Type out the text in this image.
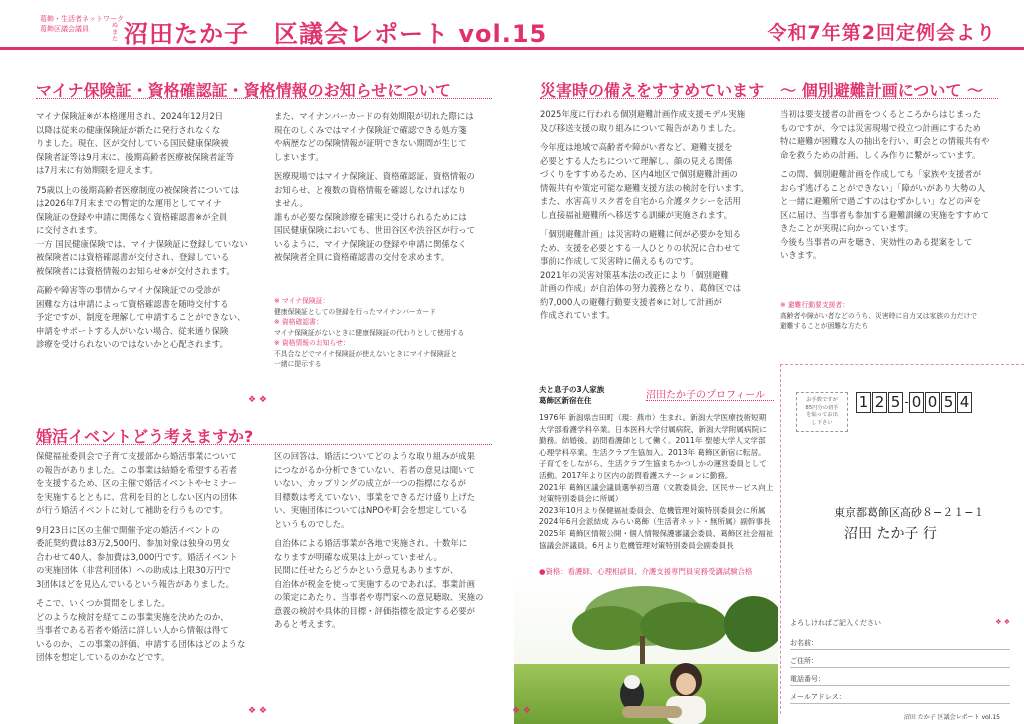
葛飾・生活者ネットワーク
葛飾区議会議員	ぬまた 沼田たか子　区議会レポート vol.15	令和7年第2回定例会より
マイナ保険証・資格確認証・資格情報のお知らせについて

マイナ保険証※が本格運用され、2024年12月2日
以降は従来の健康保険証が新たに発行されなくな
りました。現在、区が交付している国民健康保険被
保険者証等は9月末に、後期高齢者医療被保険者証等
は7月末に有効期限を迎えます。

75歳以上の後期高齢者医療制度の被保険者については
は2026年7月末までの暫定的な運用としてマイナ
保険証の登録や申請に関係なく資格確認書※が全員
に交付されます。
一方 国民健康保険では、マイナ保険証に登録していない
被保険者には資格確認書が交付され、登録している
被保険者には資格情報のお知らせ※が交付されます。

高齢や障害等の事情からマイナ保険証での受診が
困難な方は申請によって資格確認書を随時交付する
予定ですが、制度を理解して申請することができない、
申請をサポートする人がいない場合、従来通り保険
診療を受けられないのではないかと心配されます。

また、マイナンバーカードの有効期限が切れた際には
現在のしくみではマイナ保険証で確認できる処方箋
や病歴などの保険情報が証明できない期間が生じて
しまいます。

医療現場ではマイナ保険証、資格確認証、資格情報の
お知らせ、と複数の資格情報を確認しなければなり
ません。
誰もが必要な保険診療を確実に受けられるためには
国民健康保険においても、世田谷区や渋谷区が行って
いるように、マイナ保険証の登録や申請に関係なく
被保険者全員に資格確認書の交付を求めます。

※ マイナ保険証：
健康保険証としての登録を行ったマイナンバーカード
※ 資格確認書：
マイナ保険証がないときに健康保険証の代わりとして使用する
※ 資格情報のお知らせ：
不具合などでマイナ保険証が使えないときにマイナ保険証と
一緒に提示する
❖ ❖
婚活イベントどう考えますか?

保健福祉委員会で子育て支援部から婚活事業について
の報告がありました。この事業は結婚を希望する若者
を支援するため、区の主催で婚活イベントやセミナー
を実施するとともに、営利を目的としない区内の団体
が行う婚活イベントに対して補助を行うものです。

9月23日に区の主催で開催予定の婚活イベントの
委託契約費は83万2,500円、参加対象は独身の男女
合わせて40人、参加費は3,000円です。婚活イベント
の実施団体（非営利団体）への助成は上限30万円で
3団体ほどを見込んでいるという報告がありました。

そこで、いくつか質問をしました。
どのような検討を経てこの事業実施を決めたのか、
当事者である若者や婚活に詳しい人から情報は得て
いるのか、この事業の評価、申請する団体はどのような
団体を想定しているのかなどです。

区の回答は、婚活についてどのような取り組みが成果
につながるか分析できていない、若者の意見は聞いて
いない、カップリングの成立が一つの指標になるが
目標数は考えていない、事業をできるだけ盛り上げた
い、実施団体についてはNPOや町会を想定している
というものでした。

自治体による婚活事業が各地で実施され、十数年に
なりますが明確な成果は上がっていません。
民間に任せたらどうかという意見もありますが、
自治体が税金を使って実施するのであれば、事業計画
の策定にあたり、当事者や専門家への意見聴取、実施の
意義の検討や具体的目標・評価指標を設定する必要が
あると考えます。

❖ ❖
災害時の備えをすすめています　〜 個別避難計画について 〜

2025年度に行われる個別避難計画作成支援モデル実施
及び移送支援の取り組みについて報告がありました。

今年度は地域で高齢者や障がい者など、避難支援を
必要とする人たちについて理解し、顔の見える関係
づくりをすすめるため、区内4地区で個別避難計画の
情報共有や策定可能な避難支援方法の検討を行います。
また、水害高リスク者を自宅から介護タクシーを活用
し直接福祉避難所へ移送する訓練が実施されます。

「個別避難計画」は災害時の避難に何が必要かを知る
ため、支援を必要とする一人ひとりの状況に合わせて
事前に作成して災害時に備えるものです。
2021年の災害対策基本法の改正により「個別避難
計画の作成」が自治体の努力義務となり、葛飾区では
約7,000人の避難行動要支援者※に対して計画が
作成されています。

当初は要支援者の計画をつくるところからはじまった
ものですが、今では災害現場で役立つ計画にするため
特に避難が困難な人の抽出を行い、町会との情報共有や
命を救うための計画、しくみ作りに繋がっています。

この間、個別避難計画を作成しても「家族や支援者が
おらず逃げることができない」「障がいがあり大勢の人
と一緒に避難所で過ごすのはむずかしい」などの声を
区に届け、当事者も参加する避難訓練の実施をすすめて
きたことが実現に向かっています。
今後も当事者の声を聴き、実効性のある提案をして
いきます。

※ 避難行動要支援者：
高齢者や障がい者などのうち、災害時に自力又は家族の力だけで
避難することが困難な方たち
夫と息子の3人家族
葛飾区新宿在住	沼田たか子のプロフィール
1976年 新潟県吉田町（現：燕市）生まれ。新潟大学医療技術短期
大学部看護学科卒業。日本医科大学付属病院、新潟大学附属病院に
勤務。結婚後、訪問看護師として働く。2011年 聖徳大学人文学部
心理学科卒業。生活クラブ生協加入。2013年 葛飾区新宿に転居。
子育てをしながら、生活クラブ生協まちかつしかの運営委員として
活動。2017年より区内の訪問看護ステーションに勤務。
2021年 葛飾区議会議員選挙初当選（文教委員会、区民サービス向上
対策特別委員会に所属）
2023年10月より保健福祉委員会、危機管理対策特別委員会に所属
2024年6月会派結成 みらい葛飾（生活者ネット・無所属）副幹事長
2025年 葛飾区情報公開・個人情報保護審議会委員、葛飾区社会福祉
協議会評議員。6月より危機管理対策特別委員会副委員長
●資格：看護師、心理相談員、介護支援専門員実務受講試験合格
❖ ❖
お手数ですが
85円分の切手
を貼ってお出
し下さい
1 2 5 0 0 5 4
東京都葛飾区高砂８−２１−１
沼田 たか子 行
よろしければご記入ください	❖ ❖
お名前：
ご住所：
電話番号：
メールアドレス：
沼田 たか子 区議会レポート vol.15
